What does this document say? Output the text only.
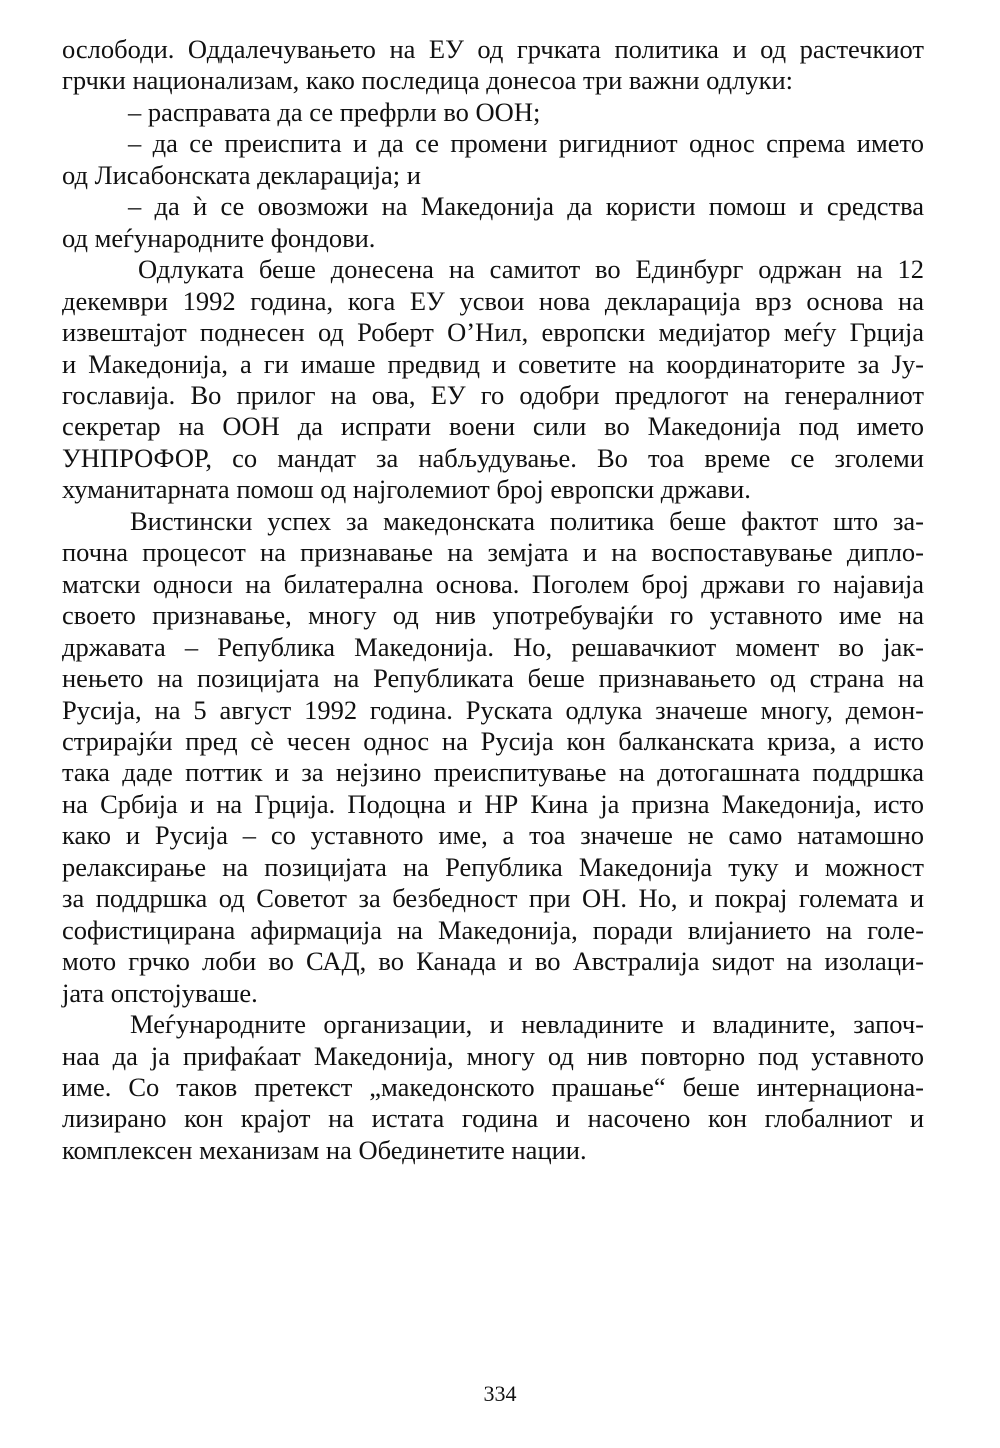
ослободи. Оддалечувањето на ЕУ од грчката политика и од растечкиот
грчки национализам, како последица донесоа три важни одлуки:
– расправата да се префрли во ООН;
– да се преиспита и да се промени ригидниот однос спрема името
од Лисабонската декларација; и
– да ѝ се овозможи на Македонија да користи помош и средства
од меѓународните фондови.
Одлуката беше донесена на самитот во Единбург одржан на 12
декември 1992 година, кога ЕУ усвои нова декларација врз основа на
извештајот поднесен од Роберт О’Нил, европски медијатор меѓу Грција
и Македонија, а ги имаше предвид и советите на координаторите за Ју-
гославија. Во прилог на ова, ЕУ го одобри предлогот на генералниот
секретар на ООН да испрати воени сили во Македонија под името
УНПРОФОР, со мандат за набљудување. Во тоа време се зголеми
хуманитарната помош од најголемиот број европски држави.
Вистински успех за македонската политика беше фактот што за-
почна процесот на признавање на земјата и на воспоставување дипло-
матски односи на билатерална основа. Поголем број држави го најавија
своето признавање, многу од нив употребувајќи го уставното име на
државата – Република Македонија. Но, решавачкиот момент во јак-
нењето на позицијата на Републиката беше признавањето од страна на
Русија, на 5 август 1992 година. Руската одлука значеше многу, демон-
стрирајќи пред сè чесен однос на Русија кон балканската криза, а исто
така даде поттик и за нејзино преиспитување на дотогашната поддршка
на Србија и на Грција. Подоцна и НР Кина ја призна Македонија, исто
како и Русија – со уставното име, а тоа значеше не само натамошно
релаксирање на позицијата на Република Македонија туку и можност
за поддршка од Советот за безбедност при ОН. Но, и покрај големата и
софистицирана афирмација на Македонија, поради влијанието на голе-
мото грчко лоби во САД, во Канада и во Австралија ѕидот на изолаци-
јата опстојуваше.
Меѓународните организации, и невладините и владините, започ-
наа да ја прифаќаат Македонија, многу од нив повторно под уставното
име. Со таков претекст „македонското прашање“ беше интернациона-
лизирано кон крајот на истата година и насочено кон глобалниот и
комплексен механизам на Обединетите нации.
334
